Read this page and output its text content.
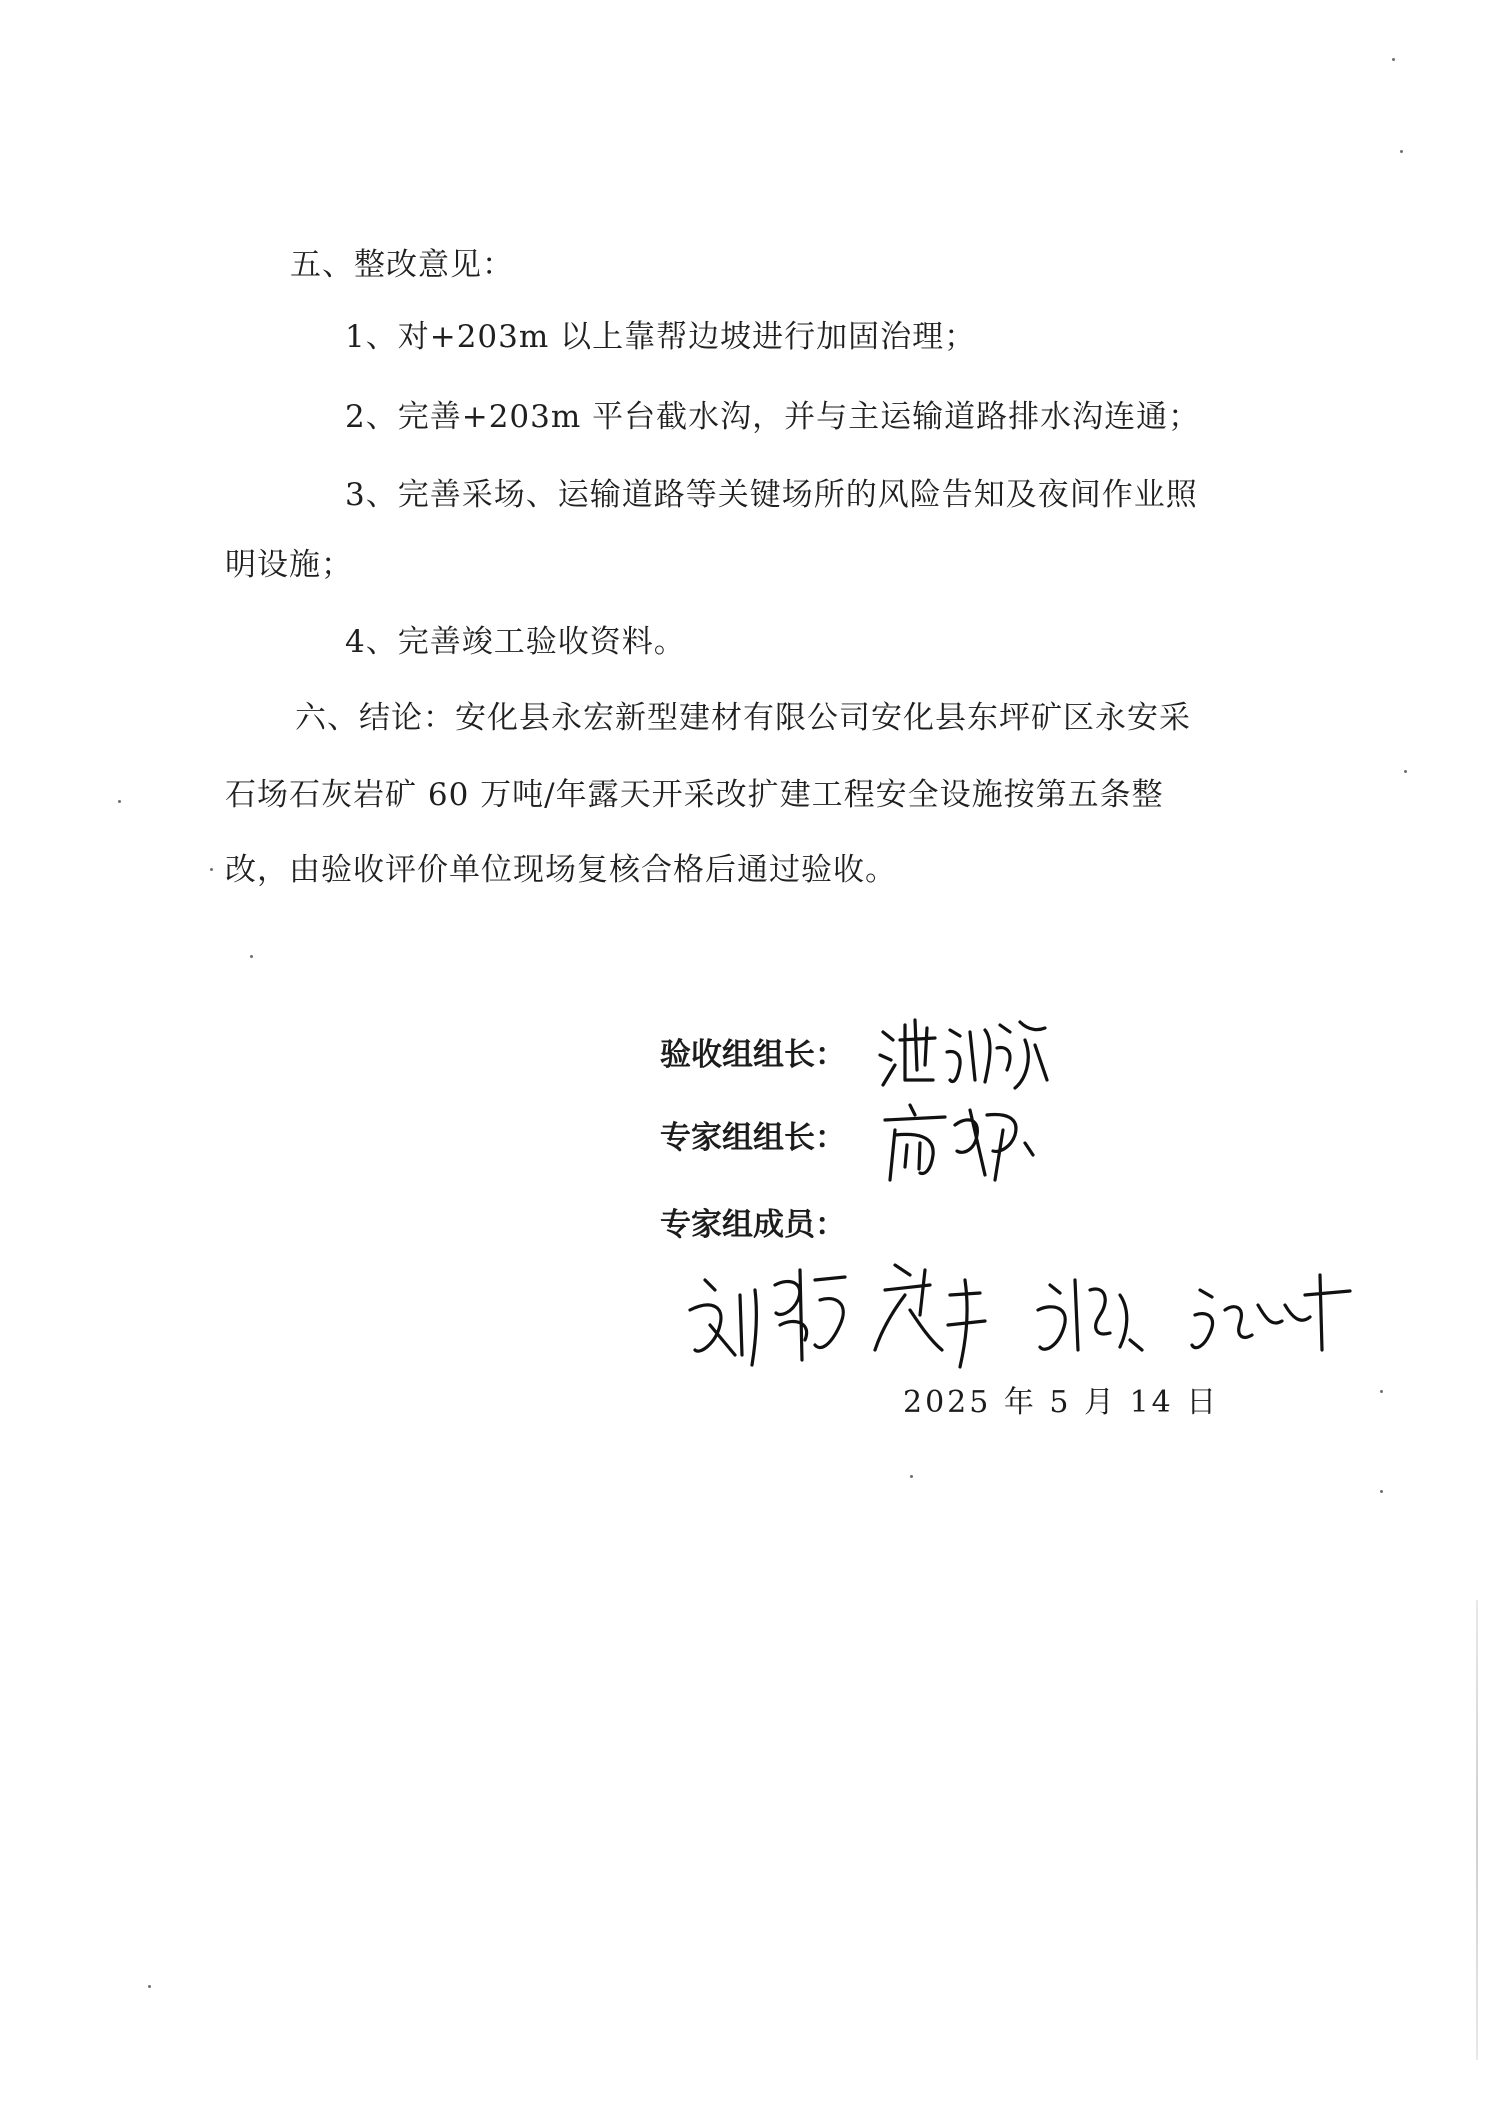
五、整改意见：
1、对+203m 以上靠帮边坡进行加固治理；
2、完善+203m 平台截水沟，并与主运输道路排水沟连通；
3、完善采场、运输道路等关键场所的风险告知及夜间作业照
明设施；
4、完善竣工验收资料。
六、结论：安化县永宏新型建材有限公司安化县东坪矿区永安采
石场石灰岩矿 60 万吨/年露天开采改扩建工程安全设施按第五条整
改，由验收评价单位现场复核合格后通过验收。
验收组组长：
专家组组长：
专家组成员：
2025 年 5 月 14 日
